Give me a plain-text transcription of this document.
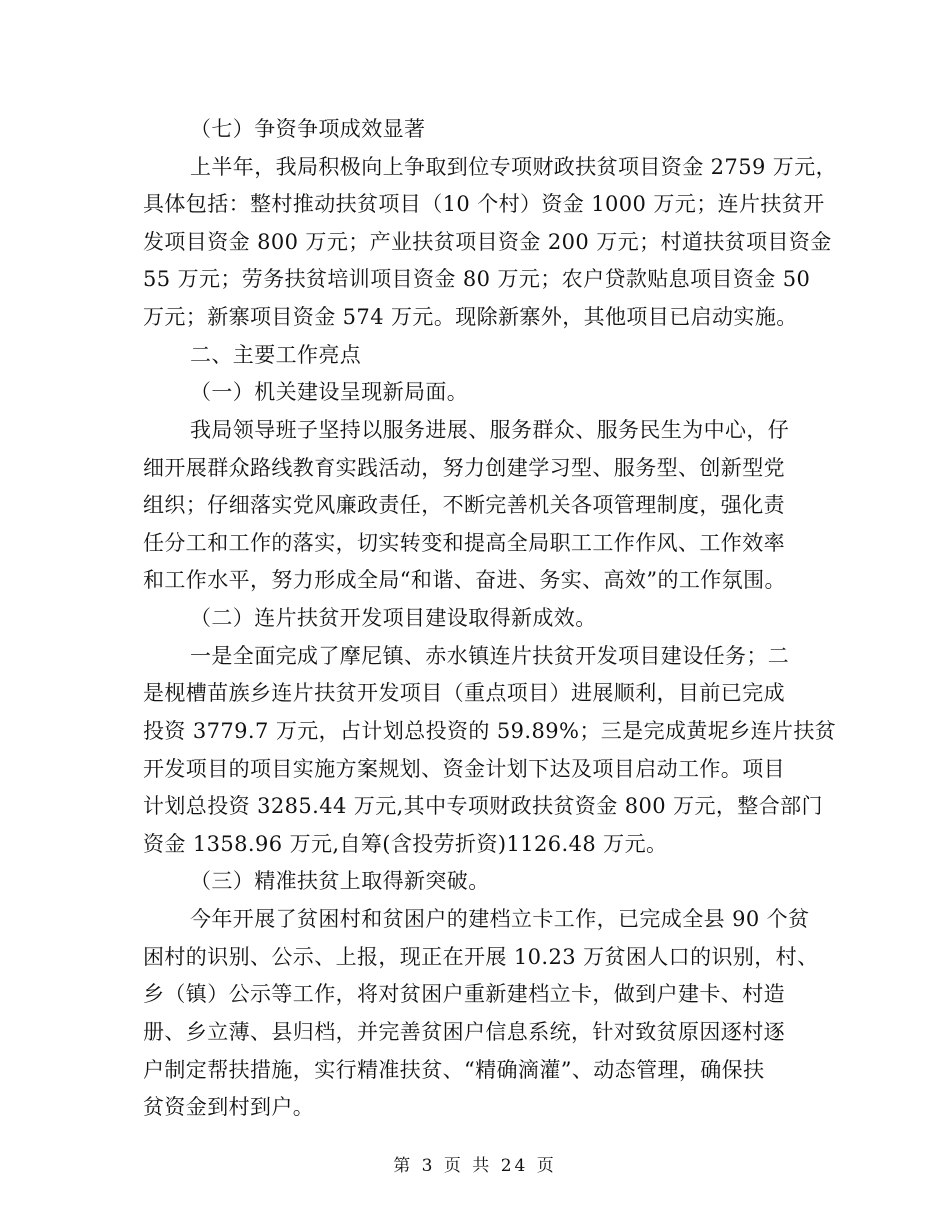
（七）争资争项成效显著
上半年，我局积极向上争取到位专项财政扶贫项目资金 2759 万元，
具体包括：整村推动扶贫项目（10 个村）资金 1000 万元；连片扶贫开
发项目资金 800 万元；产业扶贫项目资金 200 万元；村道扶贫项目资金
55 万元；劳务扶贫培训项目资金 80 万元；农户贷款贴息项目资金 50
万元；新寨项目资金 574 万元。现除新寨外，其他项目已启动实施。
二、主要工作亮点
（一）机关建设呈现新局面。
我局领导班子坚持以服务进展、服务群众、服务民生为中心，仔
细开展群众路线教育实践活动，努力创建学习型、服务型、创新型党
组织；仔细落实党风廉政责任，不断完善机关各项管理制度，强化责
任分工和工作的落实，切实转变和提高全局职工工作作风、工作效率
和工作水平，努力形成全局“和谐、奋进、务实、高效”的工作氛围。
（二）连片扶贫开发项目建设取得新成效。
一是全面完成了摩尼镇、赤水镇连片扶贫开发项目建设任务；二
是枧槽苗族乡连片扶贫开发项目（重点项目）进展顺利，目前已完成
投资 3779.7 万元，占计划总投资的 59.89%；三是完成黄坭乡连片扶贫
开发项目的项目实施方案规划、资金计划下达及项目启动工作。项目
计划总投资 3285.44 万元,其中专项财政扶贫资金 800 万元，整合部门
资金 1358.96 万元,自筹(含投劳折资)1126.48 万元。
（三）精准扶贫上取得新突破。
今年开展了贫困村和贫困户的建档立卡工作，已完成全县 90 个贫
困村的识别、公示、上报，现正在开展 10.23 万贫困人口的识别，村、
乡（镇）公示等工作，将对贫困户重新建档立卡，做到户建卡、村造
册、乡立薄、县归档，并完善贫困户信息系统，针对致贫原因逐村逐
户制定帮扶措施，实行精准扶贫、“精确滴灌”、动态管理，确保扶
贫资金到村到户。
第 3 页 共 24 页
